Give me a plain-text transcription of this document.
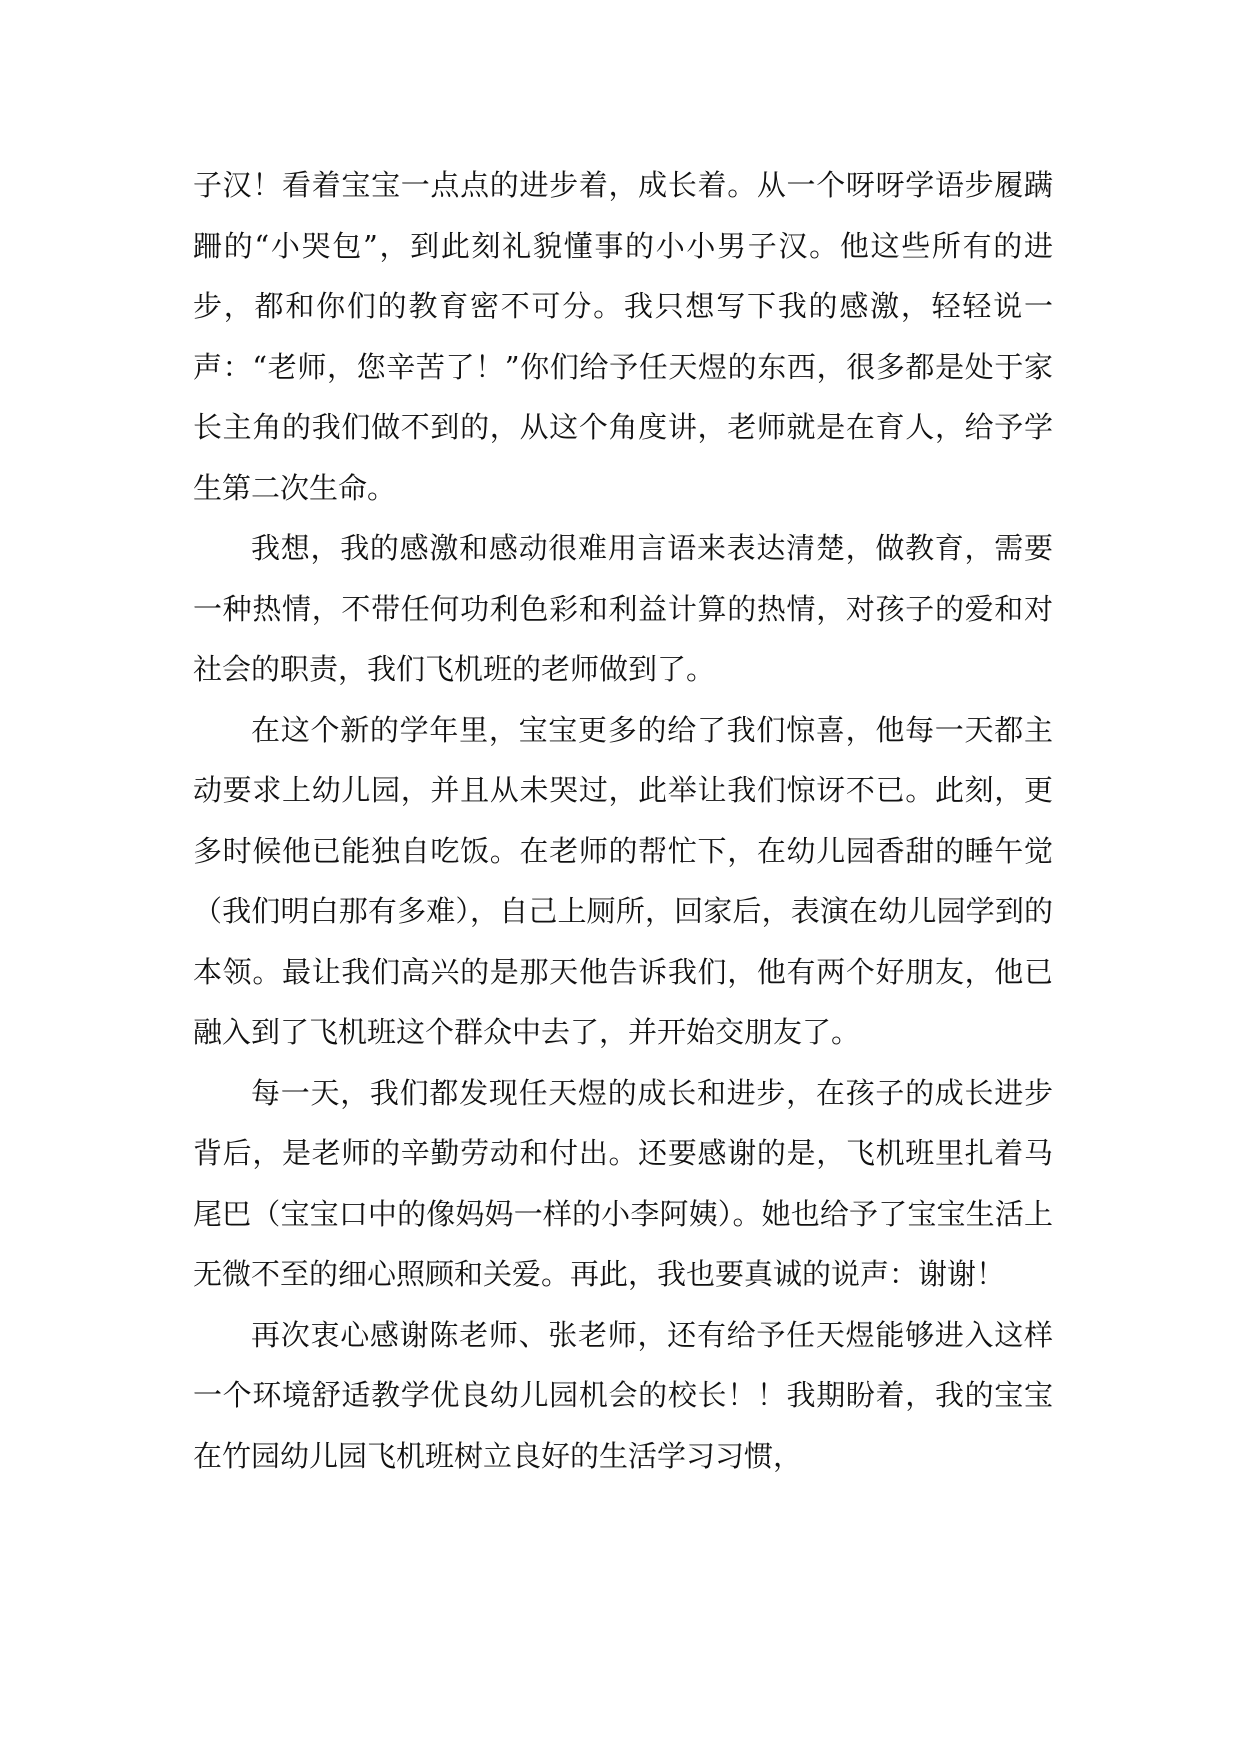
子汉！看着宝宝一点点的进步着，成长着。从一个呀呀学语步履蹒跚的“小哭包”，到此刻礼貌懂事的小小男子汉。他这些所有的进步，都和你们的教育密不可分。我只想写下我的感激，轻轻说一声：“老师，您辛苦了！”你们给予任天煜的东西，很多都是处于家长主角的我们做不到的，从这个角度讲，老师就是在育人，给予学生第二次生命。

我想，我的感激和感动很难用言语来表达清楚，做教育，需要一种热情，不带任何功利色彩和利益计算的热情，对孩子的爱和对社会的职责，我们飞机班的老师做到了。

在这个新的学年里，宝宝更多的给了我们惊喜，他每一天都主动要求上幼儿园，并且从未哭过，此举让我们惊讶不已。此刻，更多时候他已能独自吃饭。在老师的帮忙下，在幼儿园香甜的睡午觉（我们明白那有多难），自己上厕所，回家后，表演在幼儿园学到的本领。最让我们高兴的是那天他告诉我们，他有两个好朋友，他已融入到了飞机班这个群众中去了，并开始交朋友了。

每一天，我们都发现任天煜的成长和进步，在孩子的成长进步背后，是老师的辛勤劳动和付出。还要感谢的是，飞机班里扎着马尾巴（宝宝口中的像妈妈一样的小李阿姨）。她也给予了宝宝生活上无微不至的细心照顾和关爱。再此，我也要真诚的说声：谢谢！

再次衷心感谢陈老师、张老师，还有给予任天煜能够进入这样一个环境舒适教学优良幼儿园机会的校长！！我期盼着，我的宝宝在竹园幼儿园飞机班树立良好的生活学习习惯，
